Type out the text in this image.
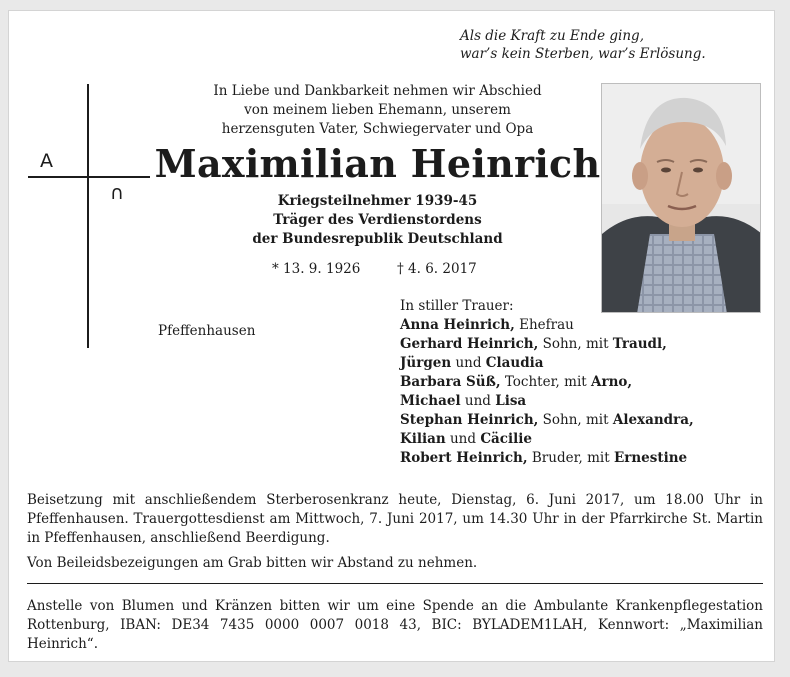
Als die Kraft zu Ende ging,
war’s kein Sterben, war’s Erlösung.
A
∩
In Liebe und Dankbarkeit nehmen wir Abschied
von meinem lieben Ehemann, unserem
herzensguten Vater, Schwiegervater und Opa
Maximilian Heinrich
Kriegsteilnehmer 1939-45
Träger des Verdienstordens
der Bundesrepublik Deutschland
* 13. 9. 1926	† 4. 6. 2017
Pfeffenhausen
In stiller Trauer:
Anna Heinrich, Ehefrau
Gerhard Heinrich, Sohn, mit Traudl,
Jürgen und Claudia
Barbara Süß, Tochter, mit Arno,
Michael und Lisa
Stephan Heinrich, Sohn, mit Alexandra,
Kilian und Cäcilie
Robert Heinrich, Bruder, mit Ernestine

Beisetzung mit anschließendem Sterberosenkranz heute, Dienstag, 6. Juni 2017, um 18.00 Uhr in Pfeffenhausen. Trauergottesdienst am Mittwoch, 7. Juni 2017, um 14.30 Uhr in der Pfarrkirche St. Martin in Pfeffenhausen, anschließend Beerdigung.

Von Beileidsbezeigungen am Grab bitten wir Abstand zu nehmen.

Anstelle von Blumen und Kränzen bitten wir um eine Spende an die Ambulante Krankenpflegestation Rottenburg, IBAN: DE34 7435 0000 0007 0018 43, BIC: BYLADEM1LAH, Kennwort: „Maximilian Heinrich“.
